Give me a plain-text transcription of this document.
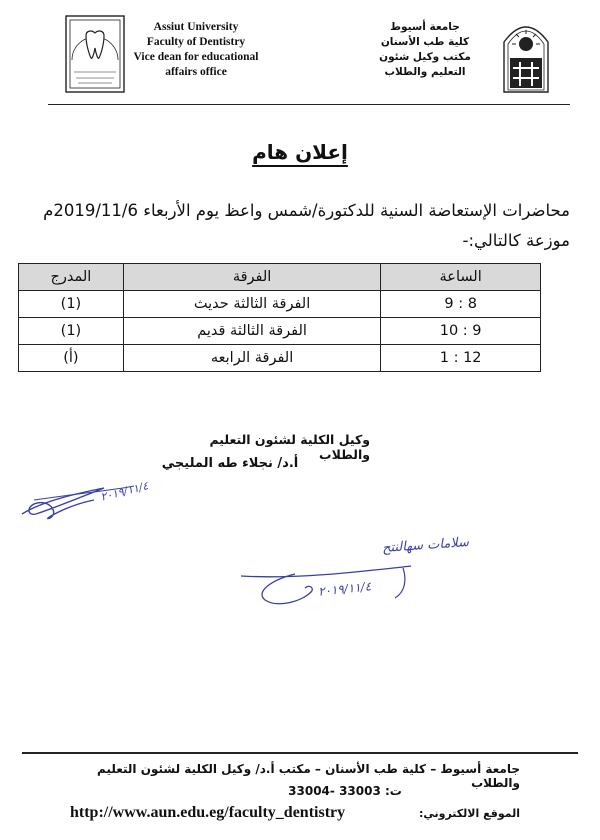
Assiut University
Faculty of Dentistry
Vice dean for educational
affairs office
جامعة أسيوط
كلية طب الأسنان
مكتب وكيل شئون
التعليم والطلاب
إعلان هام
محاضرات الإستعاضة السنية للدكتورة/شمس واعظ يوم الأربعاء 2019/11/6م موزعة كالتالي:-
الساعة	الفرقة	المدرج
9 : 8	الفرقة الثالثة حديث	(1)
10 : 9	الفرقة الثالثة قديم	(1)
1 : 12	الفرقة الرابعه	(أ)
وكيل الكلية لشئون التعليم والطلاب
أ.د/ نجلاء طه المليجي
٢٠١٩/١١/٤
سلامات سهالنتح
٢٠١٩/١١/٤
جامعة أسيوط – كلية طب الأسنان – مكتب أ.د/ وكيل الكلية لشئون التعليم والطلاب
ت: 33003 -33004
http://www.aun.edu.eg/faculty_dentistry	الموقع الالكتروني:
